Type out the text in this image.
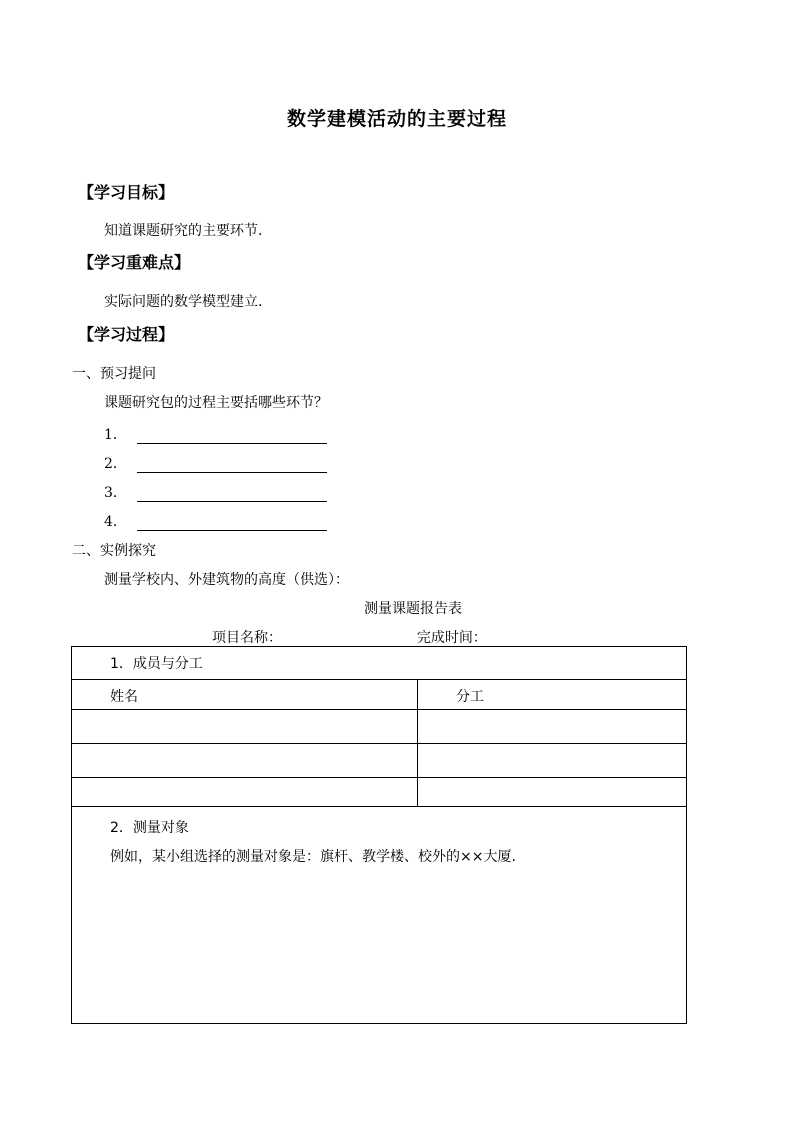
数学建模活动的主要过程
【学习目标】
知道课题研究的主要环节.
【学习重难点】
实际问题的数学模型建立.
【学习过程】
一、预习提问
课题研究包的过程主要括哪些环节？
1．
2．
3．
4．
二、实例探究
测量学校内、外建筑物的高度（供选）：
测量课题报告表
项目名称：	完成时间：
1．成员与分工	
姓名	分工

2．测量对象
例如，某小组选择的测量对象是：旗杆、教学楼、校外的××大厦.	
